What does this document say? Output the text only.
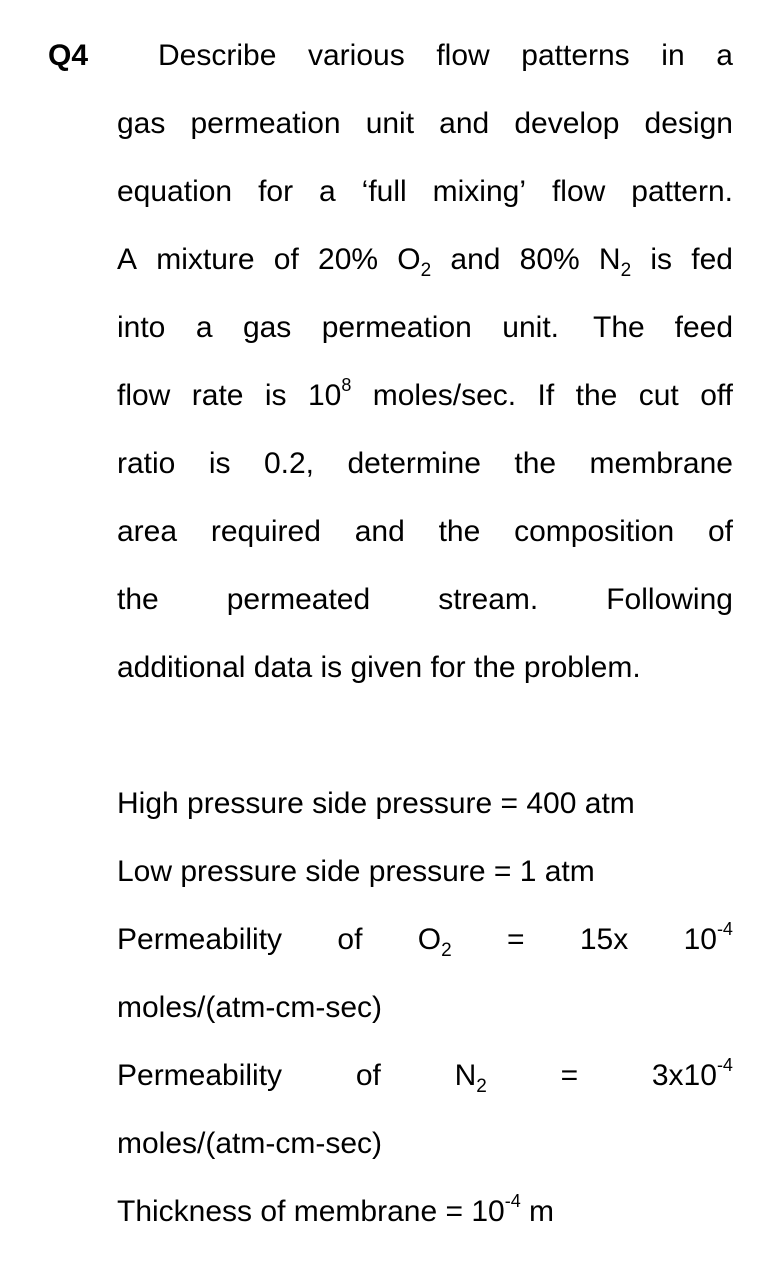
Q4 Describe various flow patterns in a
gas permeation unit and develop design
equation for a ‘full mixing’ flow pattern.
A mixture of 20% $O_2$ and 80% $N_2$ is fed
into a gas permeation unit. The feed
flow rate is $10^8$ moles/sec. If the cut off
ratio is 0.2, determine the membrane
area required and the composition of
the permeated stream. Following
additional data is given for the problem.
High pressure side pressure = 400 atm
Low pressure side pressure = 1 atm
Permeability of $O_2 = 15x$ $10^{-4}$
moles/(atm-cm-sec)
Permeability of $N_2 = 3x10^{-4}$
moles/(atm-cm-sec)
Thickness of membrane = $10^{-4}$ m
